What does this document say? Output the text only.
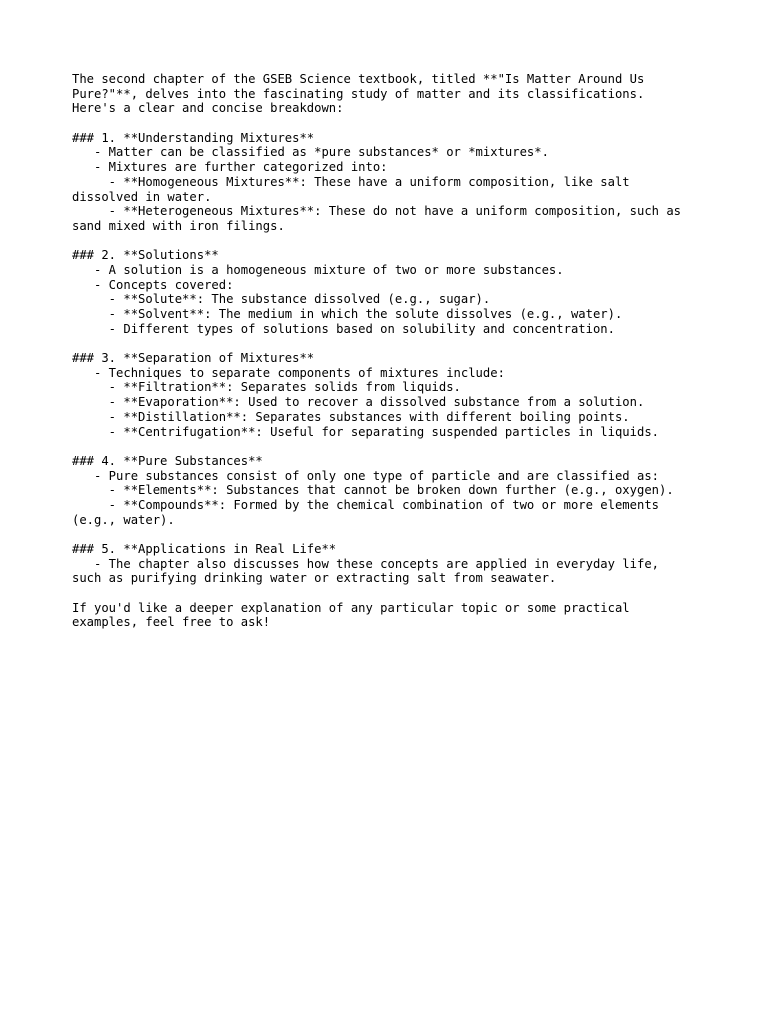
The second chapter of the GSEB Science textbook, titled **"Is Matter Around Us

Pure?"**, delves into the fascinating study of matter and its classifications.

Here's a clear and concise breakdown:

### 1. **Understanding Mixtures**

- Matter can be classified as *pure substances* or *mixtures*.

- Mixtures are further categorized into:

- **Homogeneous Mixtures**: These have a uniform composition, like salt

dissolved in water.

- **Heterogeneous Mixtures**: These do not have a uniform composition, such as

sand mixed with iron filings.

### 2. **Solutions**

- A solution is a homogeneous mixture of two or more substances.

- Concepts covered:

- **Solute**: The substance dissolved (e.g., sugar).

- **Solvent**: The medium in which the solute dissolves (e.g., water).

- Different types of solutions based on solubility and concentration.

### 3. **Separation of Mixtures**

- Techniques to separate components of mixtures include:

- **Filtration**: Separates solids from liquids.

- **Evaporation**: Used to recover a dissolved substance from a solution.

- **Distillation**: Separates substances with different boiling points.

- **Centrifugation**: Useful for separating suspended particles in liquids.

### 4. **Pure Substances**

- Pure substances consist of only one type of particle and are classified as:

- **Elements**: Substances that cannot be broken down further (e.g., oxygen).

- **Compounds**: Formed by the chemical combination of two or more elements

(e.g., water).

### 5. **Applications in Real Life**

- The chapter also discusses how these concepts are applied in everyday life,

such as purifying drinking water or extracting salt from seawater.

If you'd like a deeper explanation of any particular topic or some practical

examples, feel free to ask!
